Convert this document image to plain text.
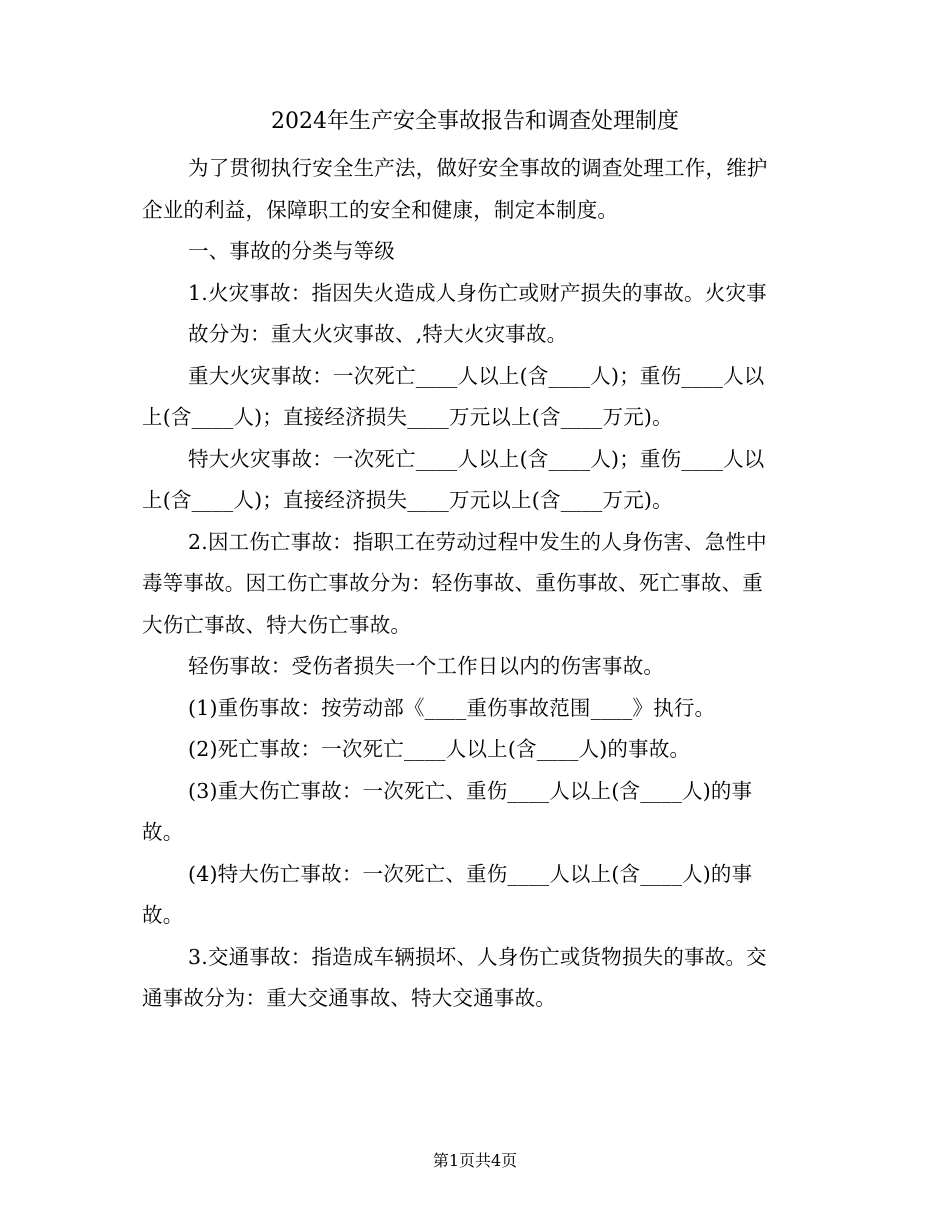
2024年生产安全事故报告和调查处理制度

为了贯彻执行安全生产法，做好安全事故的调查处理工作，维护

企业的利益，保障职工的安全和健康，制定本制度。

一、事故的分类与等级

1.火灾事故：指因失火造成人身伤亡或财产损失的事故。火灾事

故分为：重大火灾事故、,特大火灾事故。

重大火灾事故：一次死亡____人以上(含____人)；重伤____人以

上(含____人)；直接经济损失____万元以上(含____万元)。

特大火灾事故：一次死亡____人以上(含____人)；重伤____人以

上(含____人)；直接经济损失____万元以上(含____万元)。

2.因工伤亡事故：指职工在劳动过程中发生的人身伤害、急性中

毒等事故。因工伤亡事故分为：轻伤事故、重伤事故、死亡事故、重

大伤亡事故、特大伤亡事故。

轻伤事故：受伤者损失一个工作日以内的伤害事故。

(1)重伤事故：按劳动部《____重伤事故范围____》执行。

(2)死亡事故：一次死亡____人以上(含____人)的事故。

(3)重大伤亡事故：一次死亡、重伤____人以上(含____人)的事

故。

(4)特大伤亡事故：一次死亡、重伤____人以上(含____人)的事

故。

3.交通事故：指造成车辆损坏、人身伤亡或货物损失的事故。交

通事故分为：重大交通事故、特大交通事故。

第1页共4页
